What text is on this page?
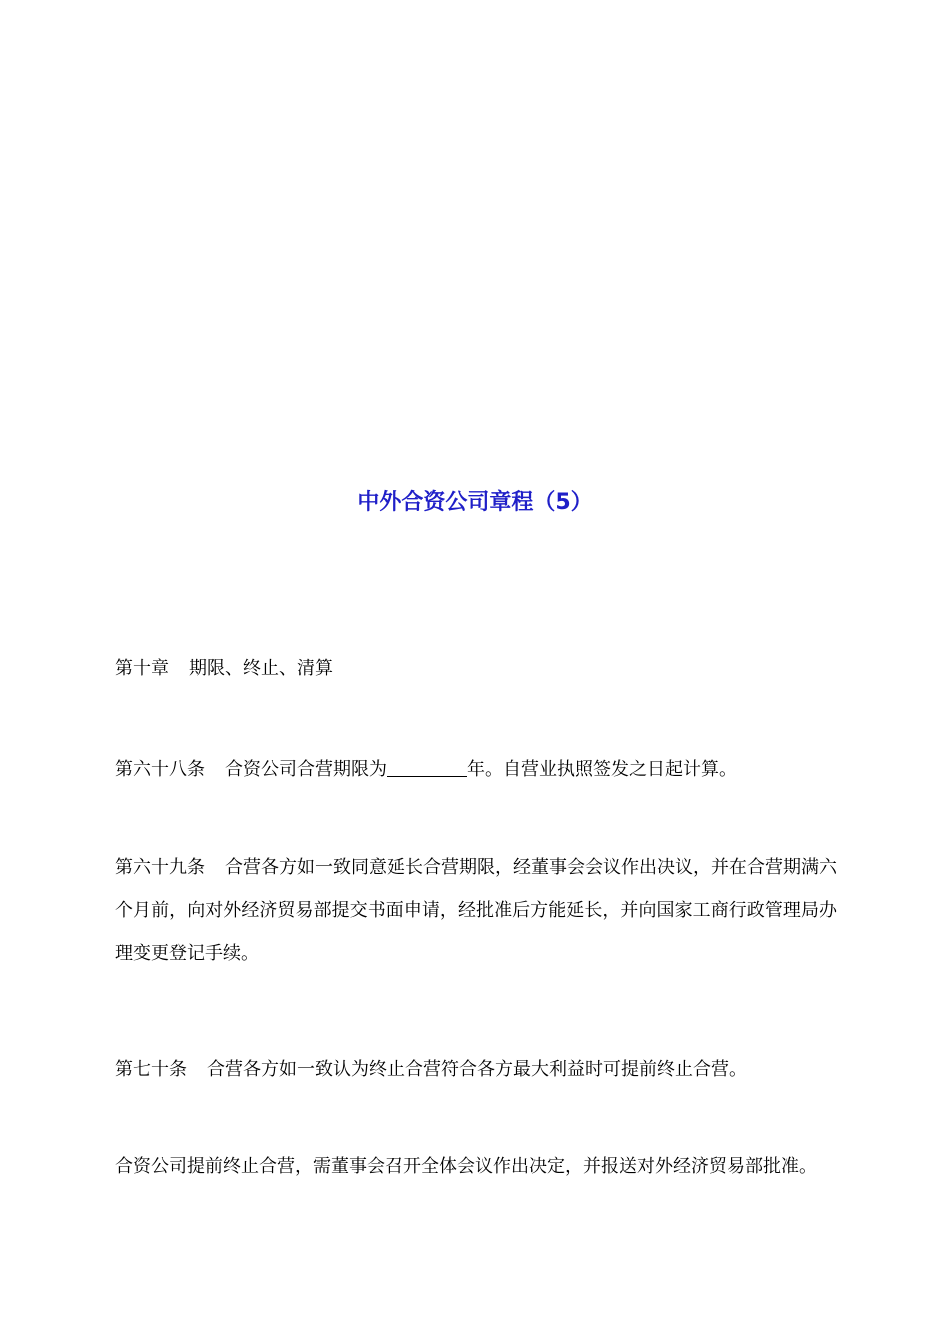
中外合资公司章程（5）

第十章 期限、终止、清算

第六十八条 合资公司合营期限为	年。自营业执照签发之日起计算。

第六十九条 合营各方如一致同意延长合营期限，经董事会会议作出决议，并在合营期满六个月前，向对外经济贸易部提交书面申请，经批准后方能延长，并向国家工商行政管理局办理变更登记手续。

第七十条 合营各方如一致认为终止合营符合各方最大利益时可提前终止合营。

合资公司提前终止合营，需董事会召开全体会议作出决定，并报送对外经济贸易部批准。
